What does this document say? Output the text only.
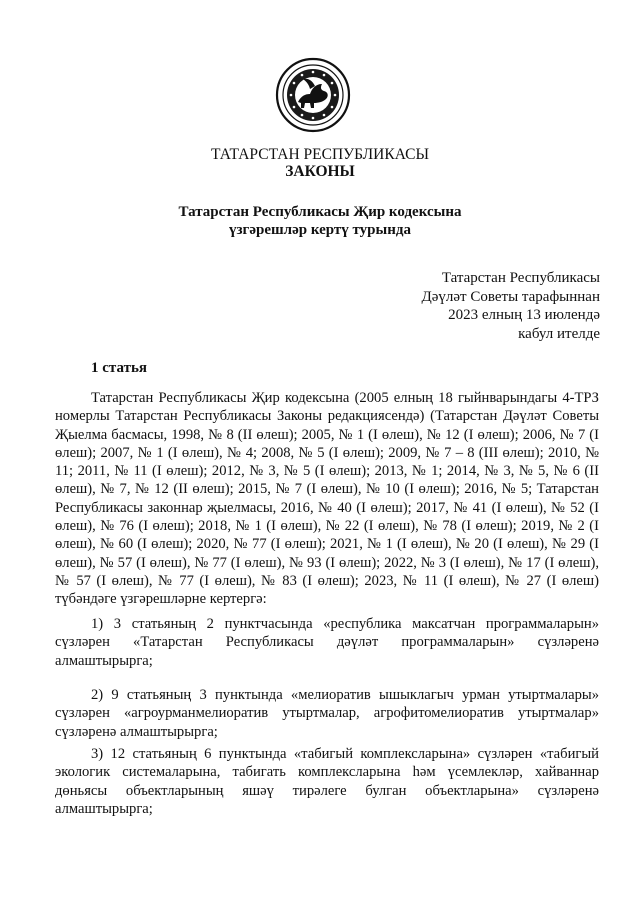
ТАТАРСТАН РЕСПУБЛИКАСЫ
ЗАКОНЫ
Татарстан Республикасы Җир кодексына
үзгәрешләр кертү турында
Татарстан Республикасы
Дәүләт Советы тарафыннан
2023 елның 13 июлендә
кабул ителде
1 статья

Татарстан Республикасы Җир кодексына (2005 елның 18 гыйнварындагы 4-ТРЗ номерлы Татарстан Республикасы Законы редакциясендә) (Татарстан Дәүләт Советы Җыелма басмасы, 1998, № 8 (II өлеш); 2005, № 1 (I өлеш), № 12 (I өлеш); 2006, № 7 (I өлеш); 2007, № 1 (I өлеш), № 4; 2008, № 5 (I өлеш); 2009, № 7 – 8 (III өлеш); 2010, № 11; 2011, № 11 (I өлеш); 2012, № 3, № 5 (I өлеш); 2013, № 1; 2014, № 3, № 5, № 6 (II өлеш), № 7, № 12 (II өлеш); 2015, № 7 (I өлеш), № 10 (I өлеш); 2016, № 5; Татарстан Республикасы законнар җыелмасы, 2016, № 40 (I өлеш); 2017, № 41 (I өлеш), № 52 (I өлеш), № 76 (I өлеш); 2018, № 1 (I өлеш), № 22 (I өлеш), № 78 (I өлеш); 2019, № 2 (I өлеш), № 60 (I өлеш); 2020, № 77 (I өлеш); 2021, № 1 (I өлеш), № 20 (I өлеш), № 29 (I өлеш), № 57 (I өлеш), № 77 (I өлеш), № 93 (I өлеш); 2022, № 3 (I өлеш), № 17 (I өлеш), № 57 (I өлеш), № 77 (I өлеш), № 83 (I өлеш); 2023, № 11 (I өлеш), № 27 (I өлеш) түбәндәге үзгәрешләрне кертергә:

1) 3 статьяның 2 пунктчасында «республика максатчан программаларын» сүзләрен «Татарстан Республикасы дәүләт программаларын» сүзләренә алмаштырырга;

2) 9 статьяның 3 пунктында «мелиоратив ышыклагыч урман утыртмалары» сүзләрен «агроурманмелиоратив утыртмалар, агрофитомелиоратив утыртмалар» сүзләренә алмаштырырга;

3) 12 статьяның 6 пунктында «табигый комплексларына» сүзләрен «табигый экологик системаларына, табигать комплексларына һәм үсемлекләр, хайваннар дөньясы объектларының яшәү тирәлеге булган объектларына» сүзләренә алмаштырырга;
